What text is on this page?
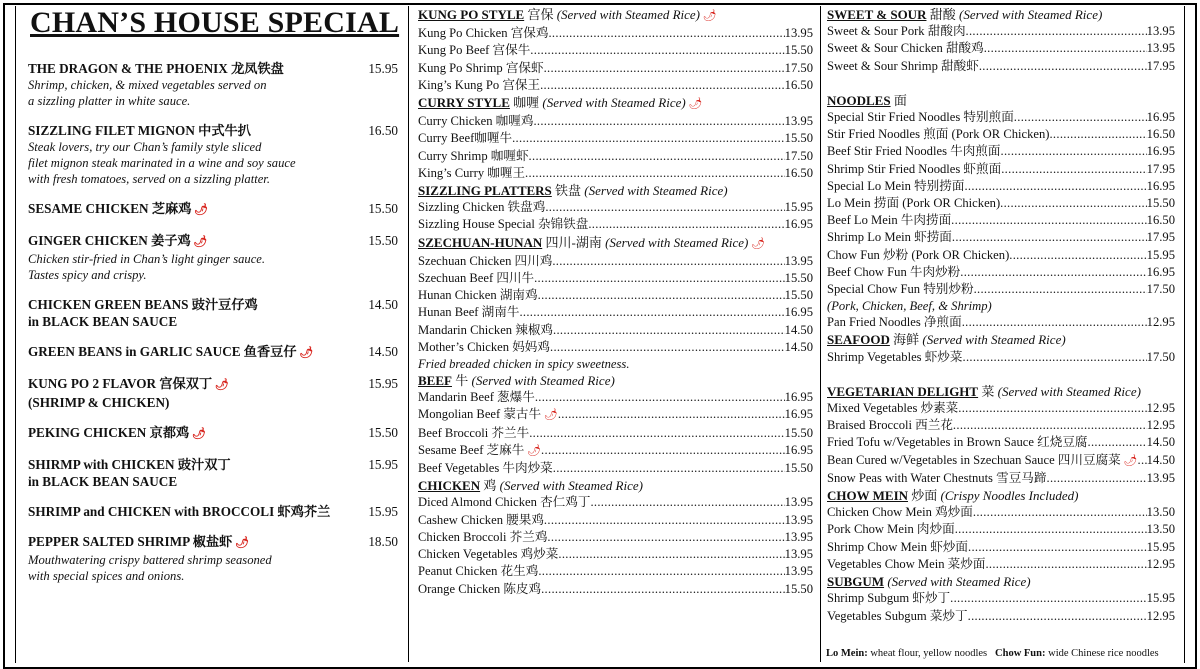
CHAN’S HOUSE SPECIAL
THE DRAGON & THE PHOENIX 龙凤铁盘	15.95
Shrimp, chicken, & mixed vegetables served on
a sizzling platter in white sauce.
SIZZLING FILET MIGNON 中式牛扒	16.50
Steak lovers, try our Chan’s family style sliced
filet mignon steak marinated in a wine and soy sauce
with fresh tomatoes, served on a sizzling platter.
SESAME CHICKEN 芝麻鸡 🌶	15.50
GINGER CHICKEN 姜子鸡 🌶	15.50
Chicken stir-fried in Chan’s light ginger sauce.
Tastes spicy and crispy.
CHICKEN GREEN BEANS 豉汁豆仔鸡	14.50
in BLACK BEAN SAUCE
GREEN BEANS in GARLIC SAUCE 鱼香豆仔 🌶	14.50
KUNG PO 2 FLAVOR 宫保双丁 🌶	15.95
(SHRIMP & CHICKEN)
PEKING CHICKEN 京都鸡 🌶	15.50
SHIRMP with CHICKEN 豉汁双丁	15.95
in BLACK BEAN SAUCE
SHRIMP and CHICKEN with BROCCOLI 虾鸡芥兰	15.95
PEPPER SALTED SHRIMP 椒盐虾 🌶	18.50
Mouthwatering crispy battered shrimp seasoned
with special spices and onions.
KUNG PO STYLE 宫保 (Served with Steamed Rice) 🌶
Kung Po Chicken 宫保鸡 .....	13.95
Kung Po Beef 宫保牛 .....	15.50
Kung Po Shrimp 宫保虾 .....	17.50
King’s Kung Po 宫保王 .....	16.50
CURRY STYLE 咖喱 (Served with Steamed Rice) 🌶
Curry Chicken 咖喱鸡 .....	13.95
Curry Beef咖喱牛 .....	15.50
Curry Shrimp 咖喱虾 .....	17.50
King’s Curry 咖喱王 .....	16.50
SIZZLING PLATTERS 铁盘 (Served with Steamed Rice)
Sizzling Chicken 铁盘鸡 .....	15.95
Sizzling House Special 杂锦铁盘 .....	16.95
SZECHUAN-HUNAN 四川-湖南 (Served with Steamed Rice) 🌶
Szechuan Chicken 四川鸡 .....	13.95
Szechuan Beef 四川牛 .....	15.50
Hunan Chicken 湖南鸡 .....	15.50
Hunan Beef 湖南牛 .....	16.95
Mandarin Chicken 辣椒鸡 .....	14.50
Mother’s Chicken 妈妈鸡 .....	14.50
Fried breaded chicken in spicy sweetness.
BEEF 牛 (Served with Steamed Rice)
Mandarin Beef 葱爆牛 .....	16.95
Mongolian Beef 蒙古牛 🌶 .....	16.95
Beef Broccoli 芥兰牛 .....	15.50
Sesame Beef 芝麻牛 🌶 .....	16.95
Beef Vegetables 牛肉炒菜 .....	15.50
CHICKEN 鸡 (Served with Steamed Rice)
Diced Almond Chicken 杏仁鸡丁 .....	13.95
Cashew Chicken 腰果鸡 .....	13.95
Chicken Broccoli 芥兰鸡 .....	13.95
Chicken Vegetables 鸡炒菜 .....	13.95
Peanut Chicken 花生鸡 .....	13.95
Orange Chicken 陈皮鸡 .....	15.50
SWEET & SOUR 甜酸 (Served with Steamed Rice)
Sweet & Sour Pork 甜酸肉 .....	13.95
Sweet & Sour Chicken 甜酸鸡 .....	13.95
Sweet & Sour Shrimp 甜酸虾 .....	17.95
NOODLES 面
Special Stir Fried Noodles 特别煎面 .....	16.95
Stir Fried Noodles 煎面 (Pork OR Chicken) .....	16.50
Beef Stir Fried Noodles 牛肉煎面 .....	16.95
Shrimp Stir Fried Noodles 虾煎面 .....	17.95
Special Lo Mein 特别捞面 .....	16.95
Lo Mein 捞面 (Pork OR Chicken) .....	15.50
Beef Lo Mein 牛肉捞面 .....	16.50
Shrimp Lo Mein 虾捞面 .....	17.95
Chow Fun 炒粉 (Pork OR Chicken) .....	15.95
Beef Chow Fun 牛肉炒粉 .....	16.95
Special Chow Fun 特别炒粉 .....	17.50
(Pork, Chicken, Beef, & Shrimp)
Pan Fried Noodles 净煎面 .....	12.95
SEAFOOD 海鲜 (Served with Steamed Rice)
Shrimp Vegetables 虾炒菜 .....	17.50
VEGETARIAN DELIGHT 菜 (Served with Steamed Rice)
Mixed Vegetables 炒素菜 .....	12.95
Braised Broccoli 西兰花 .....	12.95
Fried Tofu w/Vegetables in Brown Sauce 红烧豆腐 .....	14.50
Bean Cured w/Vegetables in Szechuan Sauce 四川豆腐菜 🌶 ..... 14.50
Snow Peas with Water Chestnuts 雪豆马蹄 .....	13.95
CHOW MEIN 炒面 (Crispy Noodles Included)
Chicken Chow Mein 鸡炒面 .....	13.50
Pork Chow Mein 肉炒面 .....	13.50
Shrimp Chow Mein 虾炒面 .....	15.95
Vegetables Chow Mein 菜炒面 .....	12.95
SUBGUM (Served with Steamed Rice)
Shrimp Subgum 虾炒丁 .....	15.95
Vegetables Subgum 菜炒丁 .....	12.95
Lo Mein: wheat flour, yellow noodles Chow Fun: wide Chinese rice noodles
